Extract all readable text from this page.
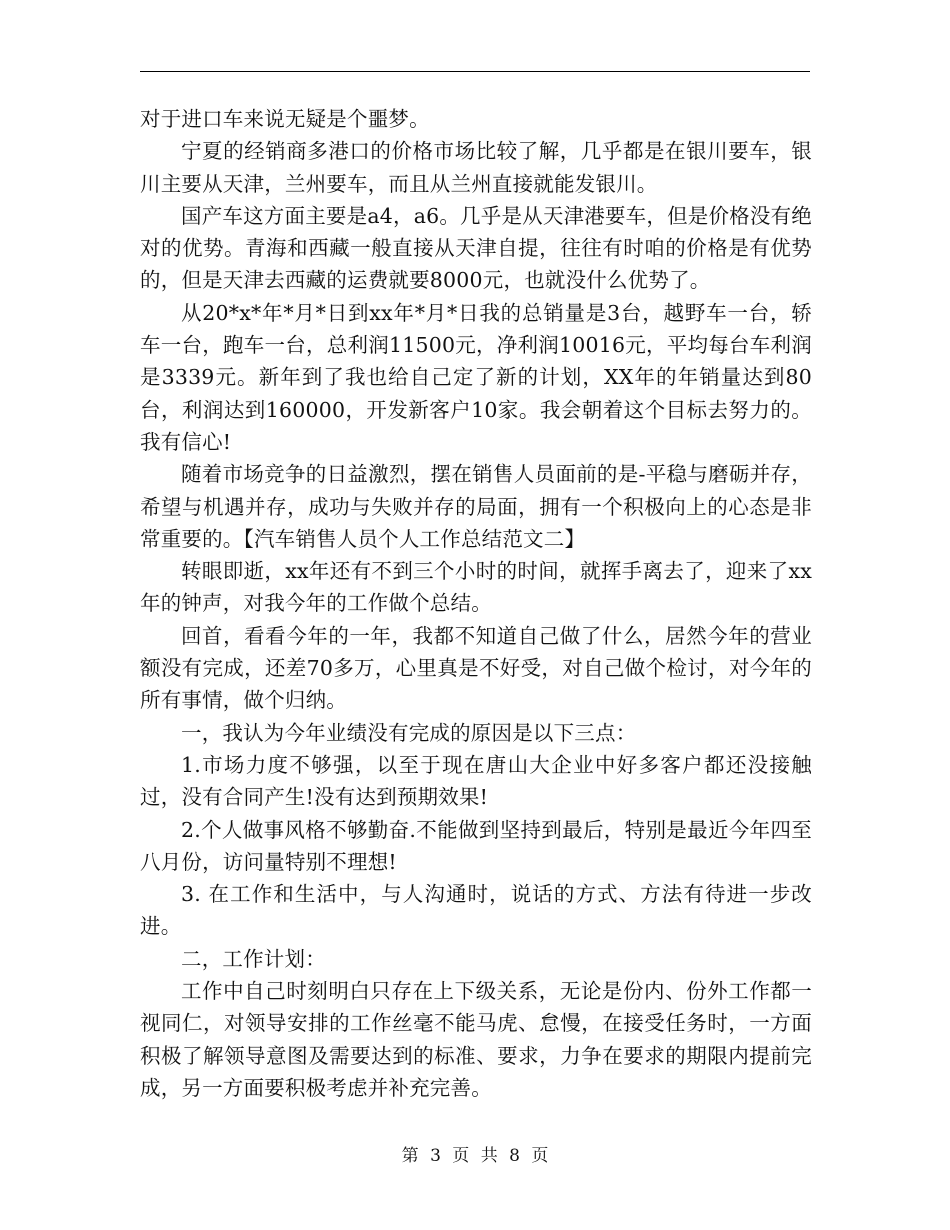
对于进口车来说无疑是个噩梦。

宁夏的经销商多港口的价格市场比较了解，几乎都是在银川要车，银川主要从天津，兰州要车，而且从兰州直接就能发银川。

国产车这方面主要是a4，a6。几乎是从天津港要车，但是价格没有绝对的优势。青海和西藏一般直接从天津自提，往往有时咱的价格是有优势的，但是天津去西藏的运费就要8000元，也就没什么优势了。

从20*x*年*月*日到xx年*月*日我的总销量是3台，越野车一台，轿车一台，跑车一台，总利润11500元，净利润10016元，平均每台车利润是3339元。新年到了我也给自己定了新的计划，XX年的年销量达到80台，利润达到160000，开发新客户10家。我会朝着这个目标去努力的。我有信心!

随着市场竞争的日益激烈，摆在销售人员面前的是-平稳与磨砺并存，希望与机遇并存，成功与失败并存的局面，拥有一个积极向上的心态是非常重要的。【汽车销售人员个人工作总结范文二】

转眼即逝，xx年还有不到三个小时的时间，就挥手离去了，迎来了xx年的钟声，对我今年的工作做个总结。

回首，看看今年的一年，我都不知道自己做了什么，居然今年的营业额没有完成，还差70多万，心里真是不好受，对自己做个检讨，对今年的所有事情，做个归纳。

一，我认为今年业绩没有完成的原因是以下三点：

1.市场力度不够强，以至于现在唐山大企业中好多客户都还没接触过，没有合同产生!没有达到预期效果!

2.个人做事风格不够勤奋.不能做到坚持到最后，特别是最近今年四至八月份，访问量特别不理想!

3. 在工作和生活中，与人沟通时，说话的方式、方法有待进一步改进。

二，工作计划：

工作中自己时刻明白只存在上下级关系，无论是份内、份外工作都一视同仁，对领导安排的工作丝毫不能马虎、怠慢，在接受任务时，一方面积极了解领导意图及需要达到的标准、要求，力争在要求的期限内提前完成，另一方面要积极考虑并补充完善。

第 3 页 共 8 页
